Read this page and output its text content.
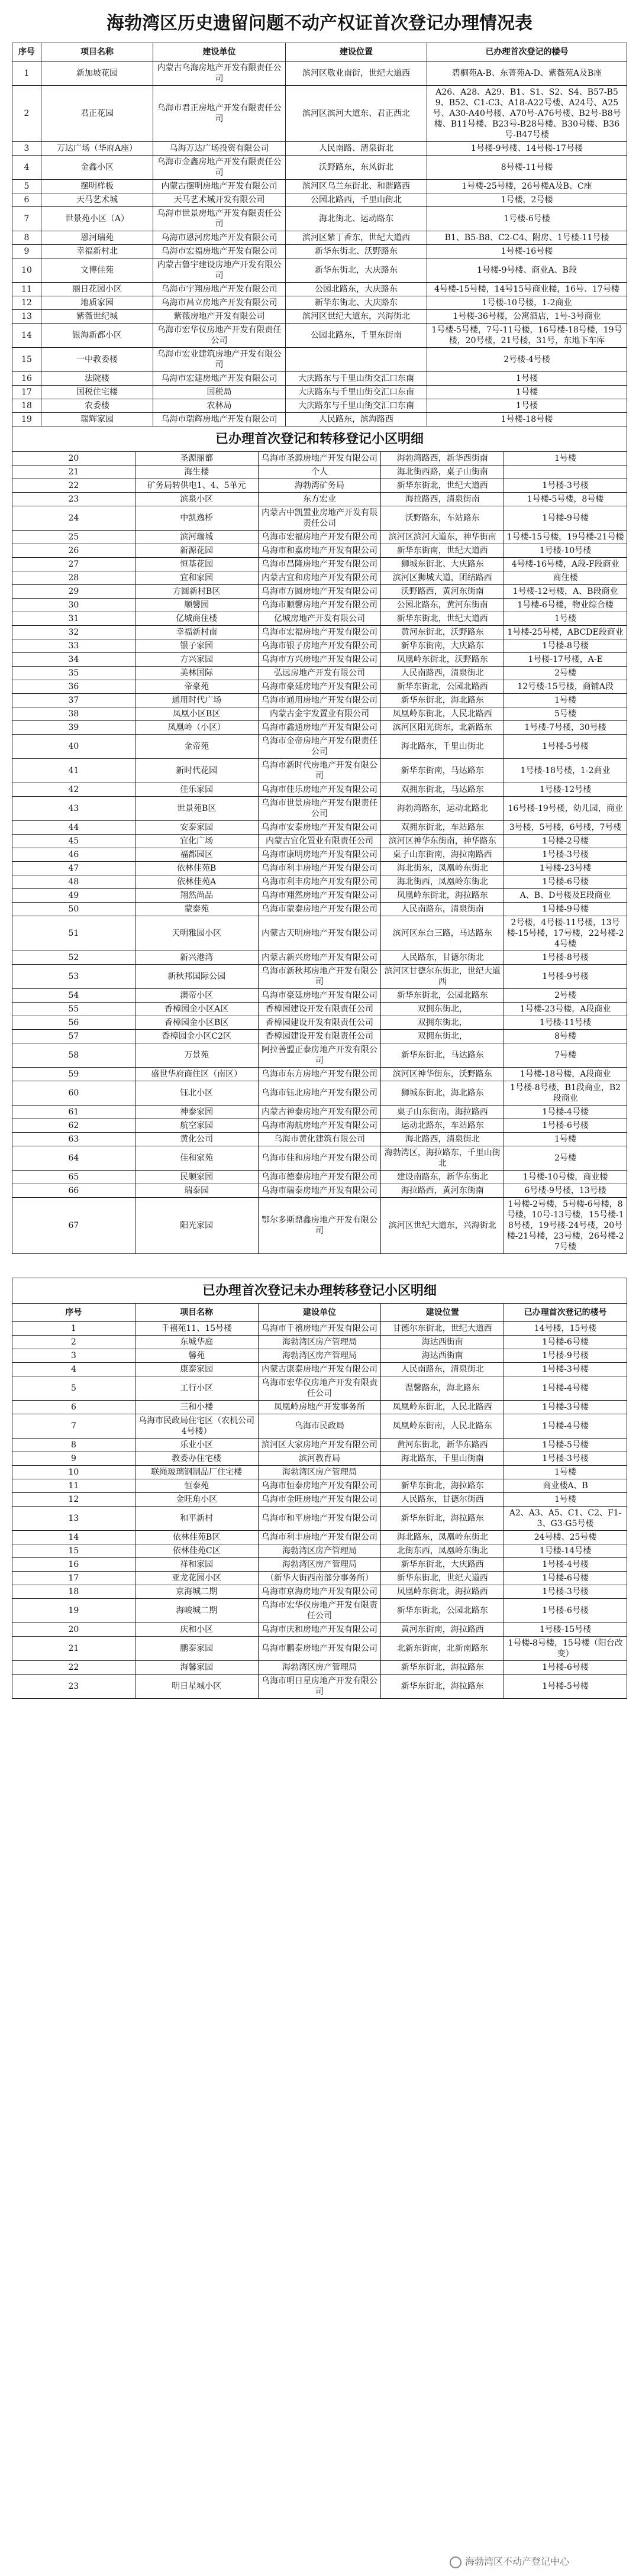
海勃湾区历史遗留问题不动产权证首次登记办理情况表
序号	项目名称	建设单位	建设位置	已办理首次登记的楼号
1	新加坡花园	内蒙古乌海房地产开发有限责任公司	滨河区敬业南街，世纪大道西	碧桐苑A-B、东菁苑A-D、紫薇苑A及B座
2	君正花园	乌海市君正房地产开发有限责任公司	滨河区滨河大道东、君正西北	A26、A28、A29、B1、S1、S2、S4、B57-B59、B52、C1-C3、A18-A22号楼、A24号、A25号、A30-A40号楼、A70号-A76号楼、B2号-B8号楼、B11号楼、B23号-B28号楼、B30号楼、B36号-B47号楼
3	万达广场（华府A座）	乌海万达广场投资有限公司	人民南路、清泉街北	1号楼-9号楼、14号楼-17号楼
4	金鑫小区	乌海市金鑫房地产开发有限责任公司	沃野路东，东风街北	8号楼-11号楼
5	摆明样板	内蒙古摆明房地产开发有限公司	滨河区乌兰东街北、和谐路西	1号楼-25号楼，26号楼A及B、C座
6	天马艺术城	天马艺术城开发有限公司	公园北路西，千里山街北	1号楼，2号楼
7	世景苑小区（A）	乌海市世景房地产开发有限责任公司	海北街北、运动路东	1号楼-6号楼
8	恩河瑞苑	乌海市恩河房地产开发有限公司	滨河区紫丁香东，世纪大道西	B1、B5-B8、C2-C4、附房、1号楼-11号楼
9	幸福新村北	乌海市宏福房地产开发有限公司	新华东街北、沃野路东	1号楼-16号楼
10	文博佳苑	内蒙古鲁宇建设房地产开发有限公司	新华东街北，大庆路东	1号楼-9号楼、商业A、B段
11	丽日花园小区	乌海市宇翔房地产开发有限公司	公园北路东，大庆路东	4号楼-15号楼，14号15号商业楼，16号、17号楼
12	地质家园	乌海市昌立房地产开发有限公司	新华东街北、大庆路东	1号楼-10号楼，1-2商业
13	紫薇世纪城	紫薇房地产开发有限公司	滨河区世纪大道东，兴海街北	1号楼-36号楼，公寓酒店，1号-3号商业
14	银海新都小区	乌海市宏华仪房地产开发有限责任公司	公园北路东，千里东街南	1号楼-5号楼，7号-11号楼，16号楼-18号楼，19号楼，20号楼，21号楼，31号，东地下车库
15	一中教委楼	乌海市宏业建筑房地产开发有限公司		2号楼-4号楼
16	法院楼	乌海市宏建房地产开发有限公司	大庆路东与千里山街交汇口东南	1号楼
17	国税住宅楼	国税局	大庆路东与千里山街交汇口东南	1号楼
18	农委楼	农林局	大庆路东与千里山街交汇口东南	1号楼
19	瑞辉家园	乌海市瑞辉房地产开发有限公司	人民路东，滨海路西	1号楼-18号楼
已办理首次登记和转移登记小区明细				
20	圣源丽都	乌海市圣源房地产开发有限公司	海勃湾路西，新华西街南	1号楼
21	海生楼	个人	海北街西路，桌子山街南	
22	矿务局转供电1、4、5单元	海勃湾矿务局	新华东街北，世纪大道西	1号楼-3号楼
23	滨泉小区	东方宏业	海拉路西，清泉街南	1号楼-5号楼，8号楼
24	中凯逸桥	内蒙古中凯置业房地产开发有限责任公司	沃野路东，车站路东	1号楼-9号楼
25	滨河瑞城	乌海市宏福房地产开发有限公司	滨河区滨河大道东，神华街南	1号楼-15号楼，19号楼-21号楼
26	新源花园	乌海市和嘉房地产开发有限公司	新华东街南，世纪大道西	1号楼-10号楼
27	恒基花园	乌海市昌隆房地产开发有限公司	狮城东街北、大庆路东	4号楼-16号楼，A段-F段商业
28	宜和家园	内蒙古宜和房地产开发有限公司	滨河区狮城大道，团结路西	商住楼
29	方圆新村B区	乌海市方圆房地产开发有限公司	沃野路西，黄河东街南	1号楼-12号楼，A、B段商业
30	顺馨园	乌海市顺馨房地产开发有限公司	公园北路东，黄河东街南	1号楼-6号楼，物业综合楼
31	亿城商住楼	亿城房地产开发有限公司	新华东街北，世纪大道西	1号楼
32	幸福新村南	乌海市宏福房地产开发有限公司	黄河东街北，沃野路东	1号楼-25号楼，ABCDE段商业
33	银子家园	乌海市银子房地产开发有限公司	新华东街南，大庆路东	1号楼-8号楼
34	方兴家园	乌海市方兴房地产开发有限公司	凤凰岭东街北，沃野路东	1号楼-17号楼，A-E
35	美林国际	弘远房地产开发有限公司	人民南路西，清泉街北	2号楼
36	帝豪苑	乌海市豪廷房地产开发有限公司	新华东街北，公园北路西	12号楼-15号楼，商铺A段
37	通用时代广场	乌海市通用房地产开发有限公司	新华东街北，海北路东	1号楼
38	凤凰小区B区	内蒙古金宇发置业有限公司	凤凰岭东街北，人民北路西	5号楼
39	凤凰岭（小区）	乌海市鑫通房地产开发有限公司	滨河区阳光街东，北新路东	1号楼-7号楼，30号楼
40	金帝苑	乌海市金帝房地产开发有限责任公司	海北路东，千里山街北	1号楼-5号楼
41	新时代花园	乌海市新时代房地产开发有限公司	新华东街南，马达路东	1号楼-18号楼，1-2商业
42	佳乐家园	乌海市佳乐房地产开发有限公司	双拥东街北，马达路东	1号楼-12号楼
43	世景苑B区	乌海市世景房地产开发有限责任公司	海勃湾路东，运动北路北	16号楼-19号楼，幼儿园，商业
44	安泰家园	乌海市安泰房地产开发有限公司	双拥东街北，车站路东	3号楼，5号楼，6号楼，7号楼
45	宜化广场	内蒙古宜化置业有限责任公司	滨河区神华东街南，神华路东	1号楼-2号楼
46	福都园区	乌海市康明房地产开发有限公司	桌子山东街南，海拉南路西	1号楼-3号楼
47	依林佳苑B	乌海市利丰房地产开发有限公司	海北街东，凤凰岭东街北	1号楼-23号楼
48	依林佳苑A	乌海市利丰房地产开发有限公司	海北街西，凤凰岭东街北	1号楼-6号楼
49	翔然尚品	乌海市翔然房地产开发有限公司	凤凰岭东街北，海拉路东	A、B、D号楼及E段商业
50	蒙泰苑	乌海市蒙泰房地产开发有限公司	人民南路东，清泉街南	1号楼-9号楼
51	天明雅园小区	内蒙古天明房地产开发有限公司	滨河区东台三路，马达路东	2号楼，4号楼-11号楼，13号楼-15号楼，17号楼，22号楼-24号楼
52	新兴港湾	内蒙古新兴房地产开发有限公司	人民路东，甘德尔街北	1号楼-8号楼
53	新秋邦国际公园	乌海市新秋邦房地产开发有限公司	滨河区甘德尔东街北，世纪大道西	1号楼-9号楼
54	澳帝小区	乌海市豪廷房地产开发有限公司	新华东街北，公园北路东	2号楼
55	香樟园金小区A区	香樟园建设开发有限责任公司	双拥东街北，	1号楼-23号楼，A段商业
56	香樟园金小区B区	香樟园建设开发有限责任公司	双拥东街北，	1号楼-11号楼
57	香樟园金小区C2区	香樟园建设开发有限责任公司	双拥东街北，	8号楼
58	万景苑	阿拉善盟正泰房地产开发有限公司	新华东街北，马达路东	7号楼
59	盛世华府商住区（南区）	乌海市东方房地产开发有限公司	滨河区神华街东，沃野路东	1号楼-18号楼，A段商业
60	钰北小区	乌海市钰北房地产开发有限公司	狮城东街北，海北路东	1号楼-8号楼，B1段商业，B2段商业
61	神泰家园	内蒙古神泰房地产开发有限公司	桌子山东街南，海拉路西	1号楼-4号楼
62	航空家园	乌海市海航房地产开发有限公司	运动北路东，车站路东	1号楼-6号楼
63	黄化公司	乌海市黄化建筑有限公司	海北路西，清泉街北	1号楼
64	佳和家苑	乌海市佳和房地产开发有限公司	海勃湾区，海拉路东，千里山街北	2号楼
65	民顺家园	乌海市德泰房地产开发有限公司	建设南路东，新华东街北	1号楼-10号楼，商业楼
66	瑞泰园	乌海市瑞泰房地产开发有限公司	海拉路西，黄河东街南	6号楼-9号楼，13号楼
67	阳光家园	鄂尔多斯鼎鑫房地产开发有限公司	滨河区世纪大道东，兴海街北	1号楼-2号楼，5号楼-6号楼，8号楼，10号-13号楼，15号楼-18号楼，19号楼-24号楼，20号楼-21号楼，23号楼，26号楼-27号楼
已办理首次登记未办理转移登记小区明细				
序号	项目名称	建设单位	建设位置	已办理首次登记的楼号
1	千禧苑11、15号楼	乌海市千禧房地产开发有限公司	甘德尔东街北，世纪大道西	14号楼，15号楼
2	东城华庭	海勃湾区房产管理局	海达西街南	1号楼-6号楼
3	馨苑	海勃湾区房产管理局	海达西街南	1号楼-9号楼
4	康泰家园	内蒙古康泰房地产开发有限公司	人民南路东，清泉街北	1号楼-3号楼
5	工行小区	乌海市宏华仪房地产开发有限责任公司	温馨路东，海北路东	1号楼-4号楼
6	三和小楼	凤凰岭房地产开发事务所	凤凰岭东街北，人民北路西	1号楼-3号楼
7	乌海市民政局住宅区（农机公司4号楼）	乌海市民政局	凤凰岭东街南，人民北路东	1号楼-4号楼
8	乐业小区	滨河区大家房地产开发有限公司	黄河东街北，新华东路西	1号楼-5号楼
9	教委办住宅楼	滨河教育局	海北路东，千里山街南	1号楼-3号楼
10	联绳玻璃钢制品厂住宅楼	海勃湾区房产管理局		1号楼
11	恒泰苑	乌海市恒泰房地产开发有限公司	新华东街北，海拉路东	商业楼A、B
12	金旺角小区	乌海市金旺房地产开发有限公司	人民路东，甘德尔街西	1号楼
13	和平新村	乌海市和平房地产开发有限公司	新华东街北，海拉路东	A2、A3、A5、C1、C2、F1-3、G3-G5号楼
14	依林佳苑B区	乌海市利丰房地产开发有限公司	海北路东，凤凰岭东街北	24号楼、25号楼
15	依林佳苑C区	海勃湾区房产管理局	北街东西，凤凰岭东街北	1号楼-14号楼
16	祥和家园	海勃湾区房产管理局	新华东街北，大庆路西	1号楼-4号楼
17	亚龙花园小区	（新华大街西南部分事务所）	新华东街北，世纪大道西	1号楼-6号楼
18	京海城二期	乌海市京海房地产开发有限公司	凤凰岭东街北，海拉路西	1号楼-3号楼
19	海峻城二期	乌海市宏华仪房地产开发有限责任公司	新华东街北，公园北路东	1号楼-6号楼
20	庆和小区	乌海市庆和房地产开发有限公司	黄河东街南，海拉路西	1号楼-15号楼
21	鹏泰家园	乌海市鹏泰房地产开发有限公司	北新东街南，北新南路东	1号楼-8号楼，15号楼（阳台改变）
22	海馨家园	海勃湾区房产管理局	新华东街北，海拉路东	1号楼-6号楼
23	明日星城小区	乌海市明日星房地产开发有限公司	新华东街北，海拉路东	1号楼-5号楼
海勃湾区不动产登记中心
